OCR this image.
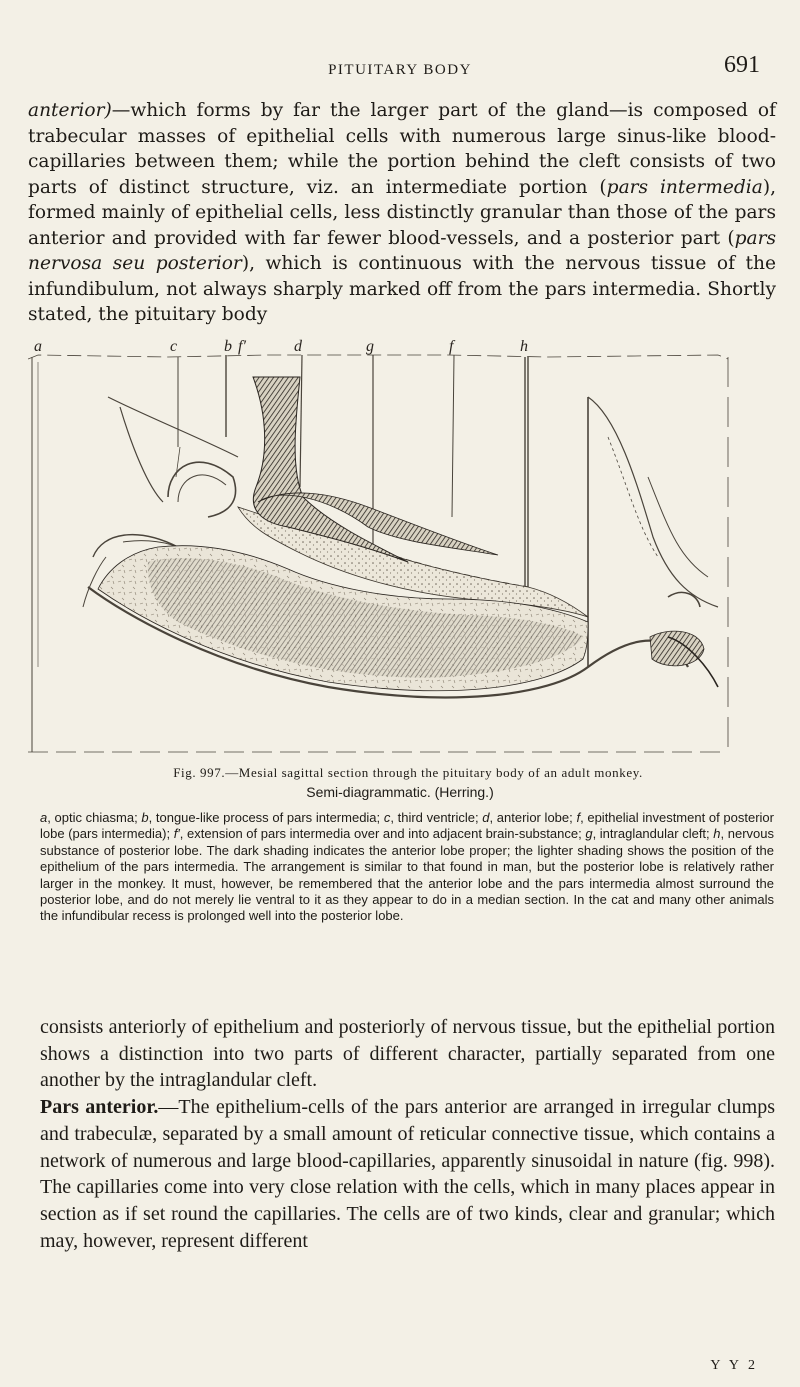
PITUITARY BODY	691
anterior)—which forms by far the larger part of the gland—is composed of trabecular masses of epithelial cells with numerous large sinus-like blood-capillaries between them; while the portion behind the cleft consists of two parts of distinct structure, viz. an intermediate portion (pars intermedia), formed mainly of epithelial cells, less distinctly granular than those of the pars anterior and provided with far fewer blood-vessels, and a posterior part (pars nervosa seu posterior), which is continuous with the nervous tissue of the infundibulum, not always sharply marked off from the pars intermedia. Shortly stated, the pituitary body
a	c	b f′	d	g	f	h
Fig. 997.—Mesial sagittal section through the pituitary body of an adult monkey.
Semi-diagrammatic. (Herring.)
a, optic chiasma; b, tongue-like process of pars intermedia; c, third ventricle; d, anterior lobe; f, epithelial investment of posterior lobe (pars intermedia); f′, extension of pars intermedia over and into adjacent brain-substance; g, intraglandular cleft; h, nervous substance of posterior lobe. The dark shading indicates the anterior lobe proper; the lighter shading shows the position of the epithelium of the pars intermedia. The arrangement is similar to that found in man, but the posterior lobe is relatively rather larger in the monkey. It must, however, be remembered that the anterior lobe and the pars intermedia almost surround the posterior lobe, and do not merely lie ventral to it as they appear to do in a median section. In the cat and many other animals the infundibular recess is prolonged well into the posterior lobe.
consists anteriorly of epithelium and posteriorly of nervous tissue, but the epithelial portion shows a distinction into two parts of different character, partially separated from one another by the intraglandular cleft.
Pars anterior.—The epithelium-cells of the pars anterior are arranged in irregular clumps and trabeculæ, separated by a small amount of reticular connective tissue, which contains a network of numerous and large blood-capillaries, apparently sinusoidal in nature (fig. 998). The capillaries come into very close relation with the cells, which in many places appear in section as if set round the capillaries. The cells are of two kinds, clear and granular; which may, however, represent different
Y Y 2
